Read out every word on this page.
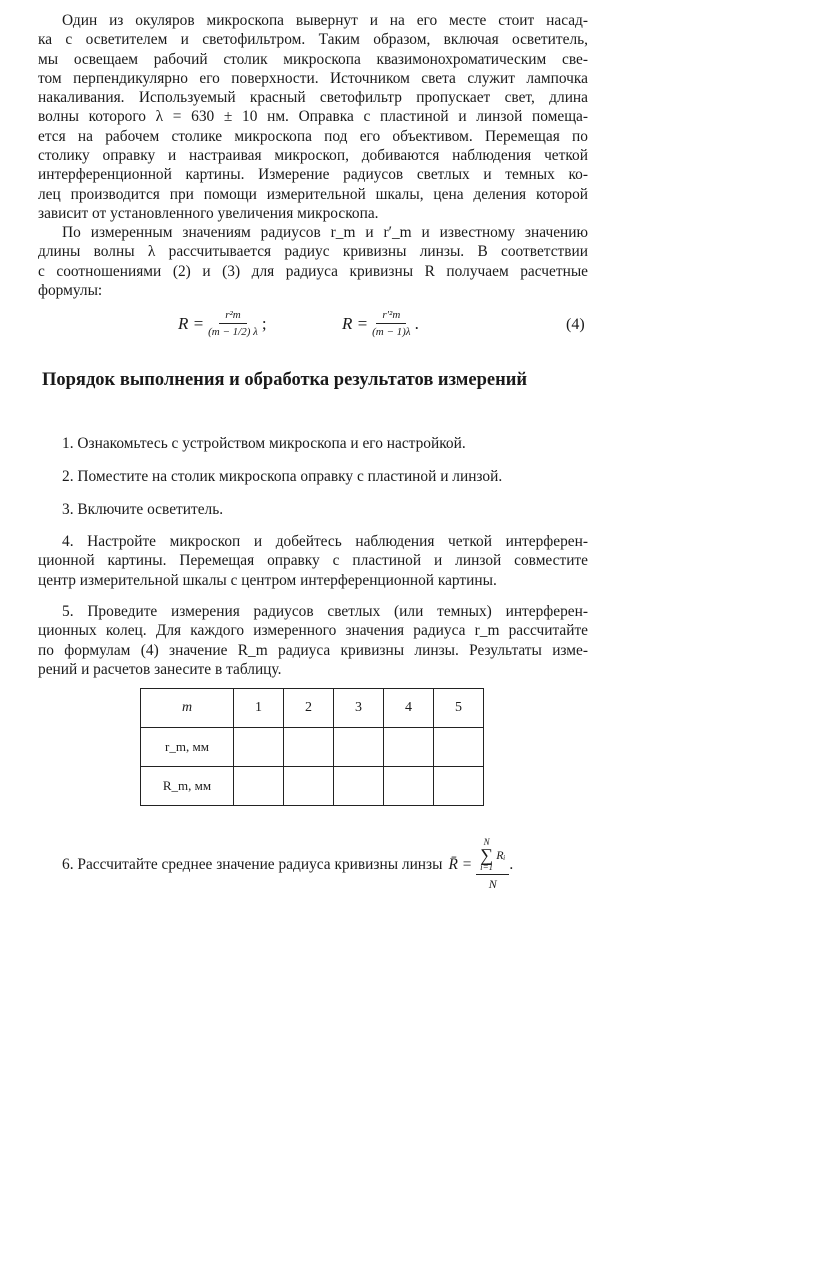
Один из окуляров микроскопа вывернут и на его месте стоит насад-
ка с осветителем и светофильтром. Таким образом, включая осветитель,
мы освещаем рабочий столик микроскопа квазимонохроматическим све-
том перпендикулярно его поверхности. Источником света служит лампочка
накаливания. Используемый красный светофильтр пропускает свет, длина
волны которого λ = 630 ± 10 нм. Оправка с пластиной и линзой помеща-
ется на рабочем столике микроскопа под его объективом. Перемещая по
столику оправку и настраивая микроскоп, добиваются наблюдения четкой
интерференционной картины. Измерение радиусов светлых и темных ко-
лец производится при помощи измерительной шкалы, цена деления которой
зависит от установленного увеличения микроскопа.

По измеренным значениям радиусов r_m и r′_m и известному значению
длины волны λ рассчитывается радиус кривизны линзы. В соответствии
с соотношениями (2) и (3) для радиуса кривизны R получаем расчетные
формулы:

$R = \frac{\text{r²m}}{(m - 1/2) \lambda}$ ;	$R = \frac{\text{r′²m}}{(m - 1)\lambda}$ .	(4)
Порядок выполнения и обработка результатов измерений

1. Ознакомьтесь с устройством микроскопа и его настройкой.

2. Поместите на столик микроскопа оправку с пластиной и линзой.

3. Включите осветитель.

4. Настройте микроскоп и добейтесь наблюдения четкой интерферен-
ционной картины. Перемещая оправку с пластиной и линзой совместите
центр измерительной шкалы с центром интерференционной картины.

5. Проведите измерения радиусов светлых (или темных) интерферен-
ционных колец. Для каждого измеренного значения радиуса r_m рассчитайте
по формулам (4) значение R_m радиуса кривизны линзы. Результаты изме-
рений и расчетов занесите в таблицу.

m	1	2	3	4	5
r_m, мм					
R_m, мм					
6. Рассчитайте среднее значение радиуса кривизны линзы R̄ =
N
∑
i=1
Rᵢ
N
.
